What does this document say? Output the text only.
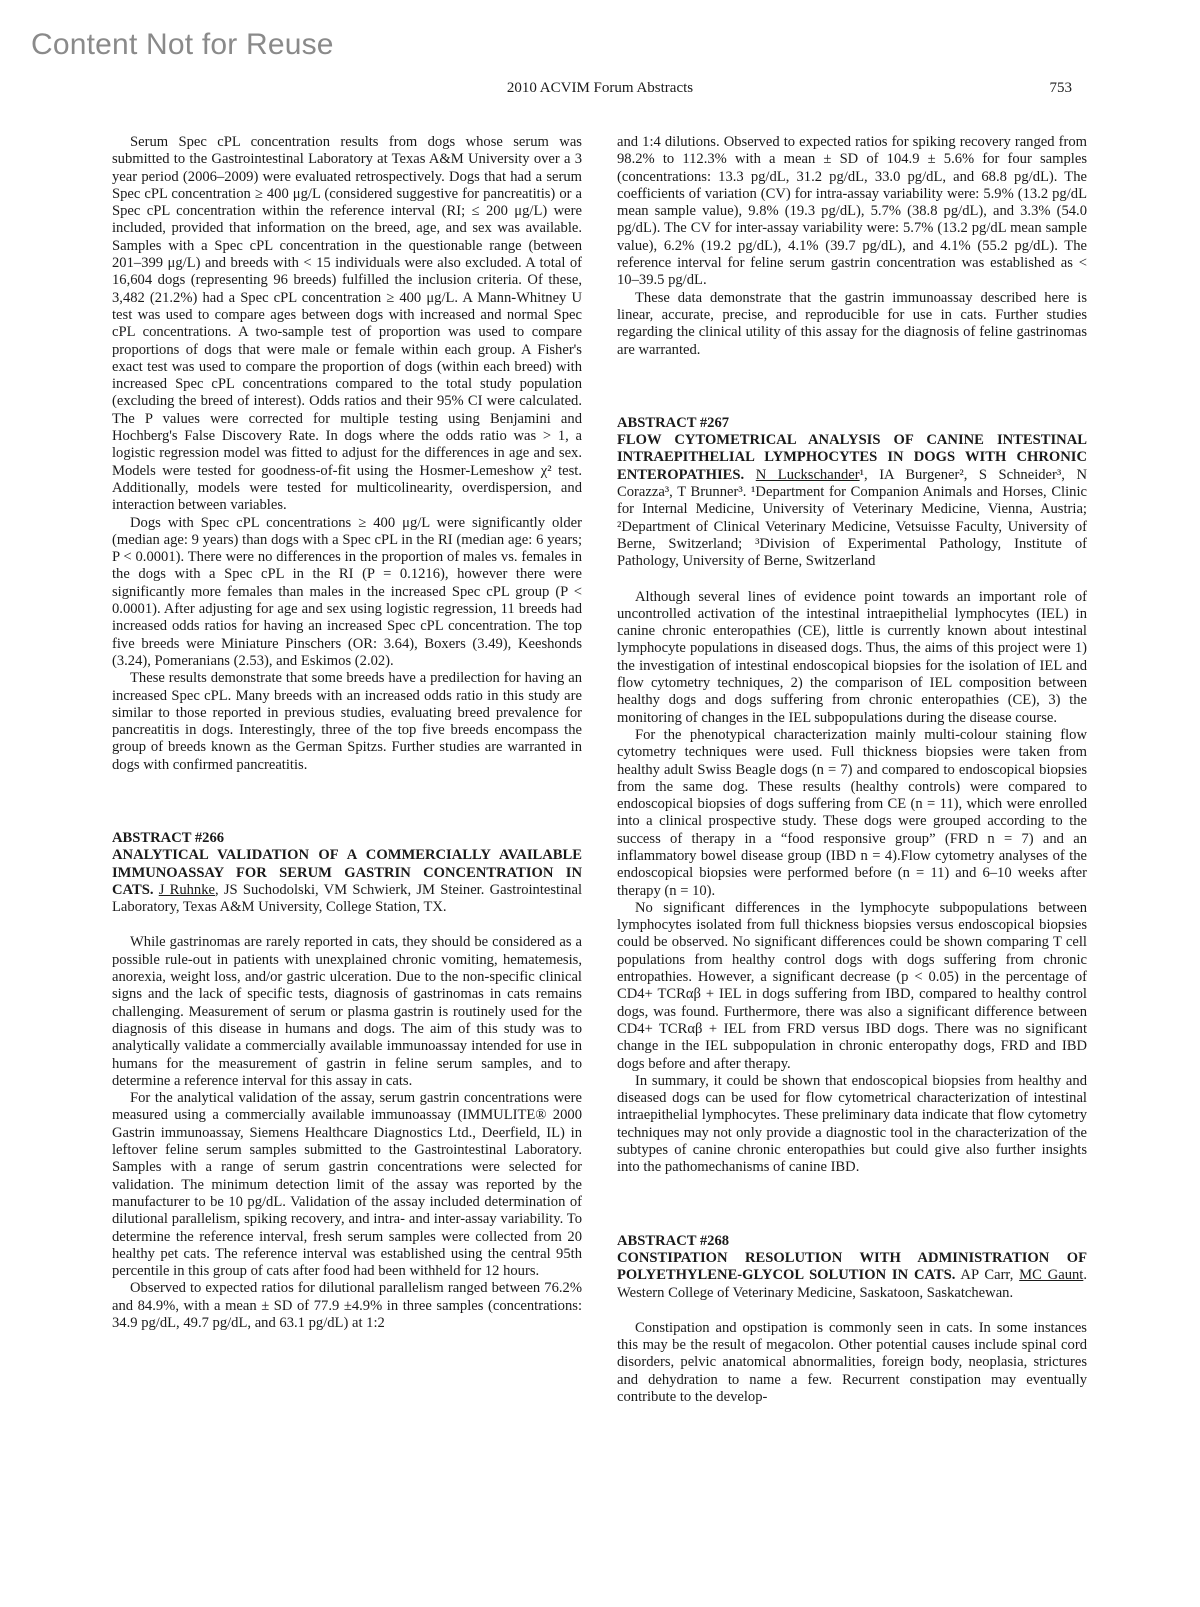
Content Not for Reuse
2010 ACVIM Forum Abstracts	753

Serum Spec cPL concentration results from dogs whose serum was submitted to the Gastrointestinal Laboratory at Texas A&M University over a 3 year period (2006–2009) were evaluated retrospectively. Dogs that had a serum Spec cPL concentration ≥ 400 μg/L (considered suggestive for pancreatitis) or a Spec cPL concentration within the reference interval (RI; ≤ 200 μg/L) were included, provided that information on the breed, age, and sex was available. Samples with a Spec cPL concentration in the questionable range (between 201–399 μg/L) and breeds with < 15 individuals were also excluded. A total of 16,604 dogs (representing 96 breeds) fulfilled the inclusion criteria. Of these, 3,482 (21.2%) had a Spec cPL concentration ≥ 400 μg/L. A Mann-Whitney U test was used to compare ages between dogs with increased and normal Spec cPL concentrations. A two-sample test of proportion was used to compare proportions of dogs that were male or female within each group. A Fisher's exact test was used to compare the proportion of dogs (within each breed) with increased Spec cPL concentrations compared to the total study population (excluding the breed of interest). Odds ratios and their 95% CI were calculated. The P values were corrected for multiple testing using Benjamini and Hochberg's False Discovery Rate. In dogs where the odds ratio was > 1, a logistic regression model was fitted to adjust for the differences in age and sex. Models were tested for goodness-of-fit using the Hosmer-Lemeshow χ² test. Additionally, models were tested for multicolinearity, overdispersion, and interaction between variables.

Dogs with Spec cPL concentrations ≥ 400 μg/L were significantly older (median age: 9 years) than dogs with a Spec cPL in the RI (median age: 6 years; P < 0.0001). There were no differences in the proportion of males vs. females in the dogs with a Spec cPL in the RI (P = 0.1216), however there were significantly more females than males in the increased Spec cPL group (P < 0.0001). After adjusting for age and sex using logistic regression, 11 breeds had increased odds ratios for having an increased Spec cPL concentration. The top five breeds were Miniature Pinschers (OR: 3.64), Boxers (3.49), Keeshonds (3.24), Pomeranians (2.53), and Eskimos (2.02).

These results demonstrate that some breeds have a predilection for having an increased Spec cPL. Many breeds with an increased odds ratio in this study are similar to those reported in previous studies, evaluating breed prevalence for pancreatitis in dogs. Interestingly, three of the top five breeds encompass the group of breeds known as the German Spitzs. Further studies are warranted in dogs with confirmed pancreatitis.

ABSTRACT #266
ANALYTICAL VALIDATION OF A COMMERCIALLY AVAILABLE IMMUNOASSAY FOR SERUM GASTRIN CONCENTRATION IN CATS. J Ruhnke, JS Suchodolski, VM Schwierk, JM Steiner. Gastrointestinal Laboratory, Texas A&M University, College Station, TX.

While gastrinomas are rarely reported in cats, they should be considered as a possible rule-out in patients with unexplained chronic vomiting, hematemesis, anorexia, weight loss, and/or gastric ulceration. Due to the non-specific clinical signs and the lack of specific tests, diagnosis of gastrinomas in cats remains challenging. Measurement of serum or plasma gastrin is routinely used for the diagnosis of this disease in humans and dogs. The aim of this study was to analytically validate a commercially available immunoassay intended for use in humans for the measurement of gastrin in feline serum samples, and to determine a reference interval for this assay in cats.

For the analytical validation of the assay, serum gastrin concentrations were measured using a commercially available immunoassay (IMMULITE® 2000 Gastrin immunoassay, Siemens Healthcare Diagnostics Ltd., Deerfield, IL) in leftover feline serum samples submitted to the Gastrointestinal Laboratory. Samples with a range of serum gastrin concentrations were selected for validation. The minimum detection limit of the assay was reported by the manufacturer to be 10 pg/dL. Validation of the assay included determination of dilutional parallelism, spiking recovery, and intra- and inter-assay variability. To determine the reference interval, fresh serum samples were collected from 20 healthy pet cats. The reference interval was established using the central 95th percentile in this group of cats after food had been withheld for 12 hours.

Observed to expected ratios for dilutional parallelism ranged between 76.2% and 84.9%, with a mean ± SD of 77.9 ±4.9% in three samples (concentrations: 34.9 pg/dL, 49.7 pg/dL, and 63.1 pg/dL) at 1:2

and 1:4 dilutions. Observed to expected ratios for spiking recovery ranged from 98.2% to 112.3% with a mean ± SD of 104.9 ± 5.6% for four samples (concentrations: 13.3 pg/dL, 31.2 pg/dL, 33.0 pg/dL, and 68.8 pg/dL). The coefficients of variation (CV) for intra-assay variability were: 5.9% (13.2 pg/dL mean sample value), 9.8% (19.3 pg/dL), 5.7% (38.8 pg/dL), and 3.3% (54.0 pg/dL). The CV for inter-assay variability were: 5.7% (13.2 pg/dL mean sample value), 6.2% (19.2 pg/dL), 4.1% (39.7 pg/dL), and 4.1% (55.2 pg/dL). The reference interval for feline serum gastrin concentration was established as < 10–39.5 pg/dL.

These data demonstrate that the gastrin immunoassay described here is linear, accurate, precise, and reproducible for use in cats. Further studies regarding the clinical utility of this assay for the diagnosis of feline gastrinomas are warranted.

ABSTRACT #267
FLOW CYTOMETRICAL ANALYSIS OF CANINE INTESTINAL INTRAEPITHELIAL LYMPHOCYTES IN DOGS WITH CHRONIC ENTEROPATHIES. N Luckschander¹, IA Burgener², S Schneider³, N Corazza³, T Brunner³. ¹Department for Companion Animals and Horses, Clinic for Internal Medicine, University of Veterinary Medicine, Vienna, Austria; ²Department of Clinical Veterinary Medicine, Vetsuisse Faculty, University of Berne, Switzerland; ³Division of Experimental Pathology, Institute of Pathology, University of Berne, Switzerland

Although several lines of evidence point towards an important role of uncontrolled activation of the intestinal intraepithelial lymphocytes (IEL) in canine chronic enteropathies (CE), little is currently known about intestinal lymphocyte populations in diseased dogs. Thus, the aims of this project were 1) the investigation of intestinal endoscopical biopsies for the isolation of IEL and flow cytometry techniques, 2) the comparison of IEL composition between healthy dogs and dogs suffering from chronic enteropathies (CE), 3) the monitoring of changes in the IEL subpopulations during the disease course.

For the phenotypical characterization mainly multi-colour staining flow cytometry techniques were used. Full thickness biopsies were taken from healthy adult Swiss Beagle dogs (n = 7) and compared to endoscopical biopsies from the same dog. These results (healthy controls) were compared to endoscopical biopsies of dogs suffering from CE (n = 11), which were enrolled into a clinical prospective study. These dogs were grouped according to the success of therapy in a “food responsive group” (FRD n = 7) and an inflammatory bowel disease group (IBD n = 4).Flow cytometry analyses of the endoscopical biopsies were performed before (n = 11) and 6–10 weeks after therapy (n = 10).

No significant differences in the lymphocyte subpopulations between lymphocytes isolated from full thickness biopsies versus endoscopical biopsies could be observed. No significant differences could be shown comparing T cell populations from healthy control dogs with dogs suffering from chronic entropathies. However, a significant decrease (p < 0.05) in the percentage of CD4+ TCRαβ + IEL in dogs suffering from IBD, compared to healthy control dogs, was found. Furthermore, there was also a significant difference between CD4+ TCRαβ + IEL from FRD versus IBD dogs. There was no significant change in the IEL subpopulation in chronic enteropathy dogs, FRD and IBD dogs before and after therapy.

In summary, it could be shown that endoscopical biopsies from healthy and diseased dogs can be used for flow cytometrical characterization of intestinal intraepithelial lymphocytes. These preliminary data indicate that flow cytometry techniques may not only provide a diagnostic tool in the characterization of the subtypes of canine chronic enteropathies but could give also further insights into the pathomechanisms of canine IBD.

ABSTRACT #268
CONSTIPATION RESOLUTION WITH ADMINISTRATION OF POLYETHYLENE-GLYCOL SOLUTION IN CATS. AP Carr, MC Gaunt. Western College of Veterinary Medicine, Saskatoon, Saskatchewan.

Constipation and opstipation is commonly seen in cats. In some instances this may be the result of megacolon. Other potential causes include spinal cord disorders, pelvic anatomical abnormalities, foreign body, neoplasia, strictures and dehydration to name a few. Recurrent constipation may eventually contribute to the develop-
